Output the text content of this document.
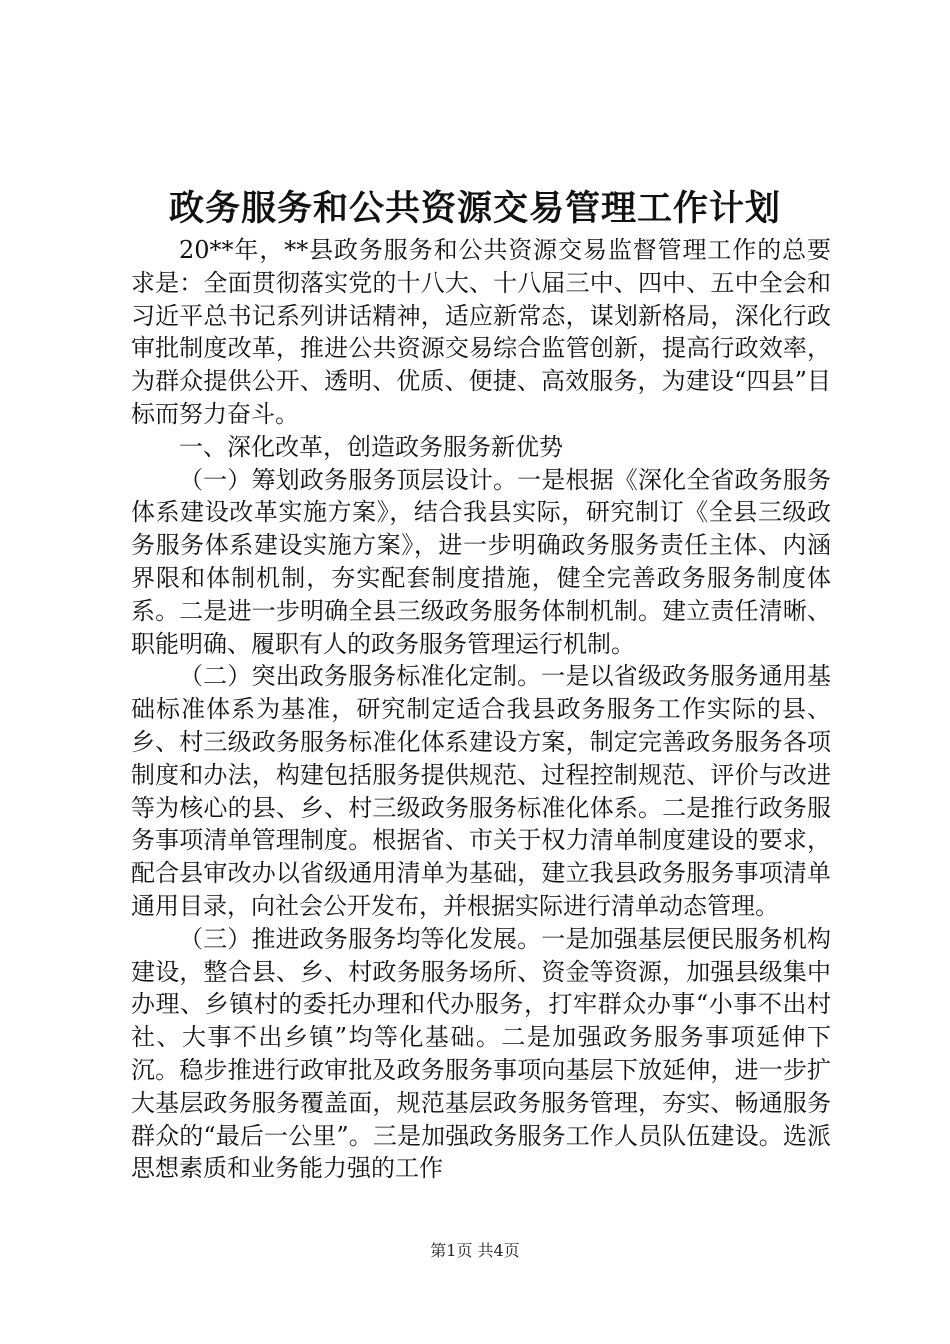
政务服务和公共资源交易管理工作计划

20**年，**县政务服务和公共资源交易监督管理工作的总要求是：全面贯彻落实党的十八大、十八届三中、四中、五中全会和习近平总书记系列讲话精神，适应新常态，谋划新格局，深化行政审批制度改革，推进公共资源交易综合监管创新，提高行政效率，为群众提供公开、透明、优质、便捷、高效服务，为建设“四县”目标而努力奋斗。

一、深化改革，创造政务服务新优势

（一）筹划政务服务顶层设计。一是根据《深化全省政务服务体系建设改革实施方案》，结合我县实际，研究制订《全县三级政务服务体系建设实施方案》，进一步明确政务服务责任主体、内涵界限和体制机制，夯实配套制度措施，健全完善政务服务制度体系。二是进一步明确全县三级政务服务体制机制。建立责任清晰、职能明确、履职有人的政务服务管理运行机制。

（二）突出政务服务标准化定制。一是以省级政务服务通用基础标准体系为基准，研究制定适合我县政务服务工作实际的县、乡、村三级政务服务标准化体系建设方案，制定完善政务服务各项制度和办法，构建包括服务提供规范、过程控制规范、评价与改进等为核心的县、乡、村三级政务服务标准化体系。二是推行政务服务事项清单管理制度。根据省、市关于权力清单制度建设的要求，配合县审改办以省级通用清单为基础，建立我县政务服务事项清单通用目录，向社会公开发布，并根据实际进行清单动态管理。

（三）推进政务服务均等化发展。一是加强基层便民服务机构建设，整合县、乡、村政务服务场所、资金等资源，加强县级集中办理、乡镇村的委托办理和代办服务，打牢群众办事“小事不出村社、大事不出乡镇”均等化基础。二是加强政务服务事项延伸下沉。稳步推进行政审批及政务服务事项向基层下放延伸，进一步扩大基层政务服务覆盖面，规范基层政务服务管理，夯实、畅通服务群众的“最后一公里”。三是加强政务服务工作人员队伍建设。选派思想素质和业务能力强的工作

第1页 共4页
